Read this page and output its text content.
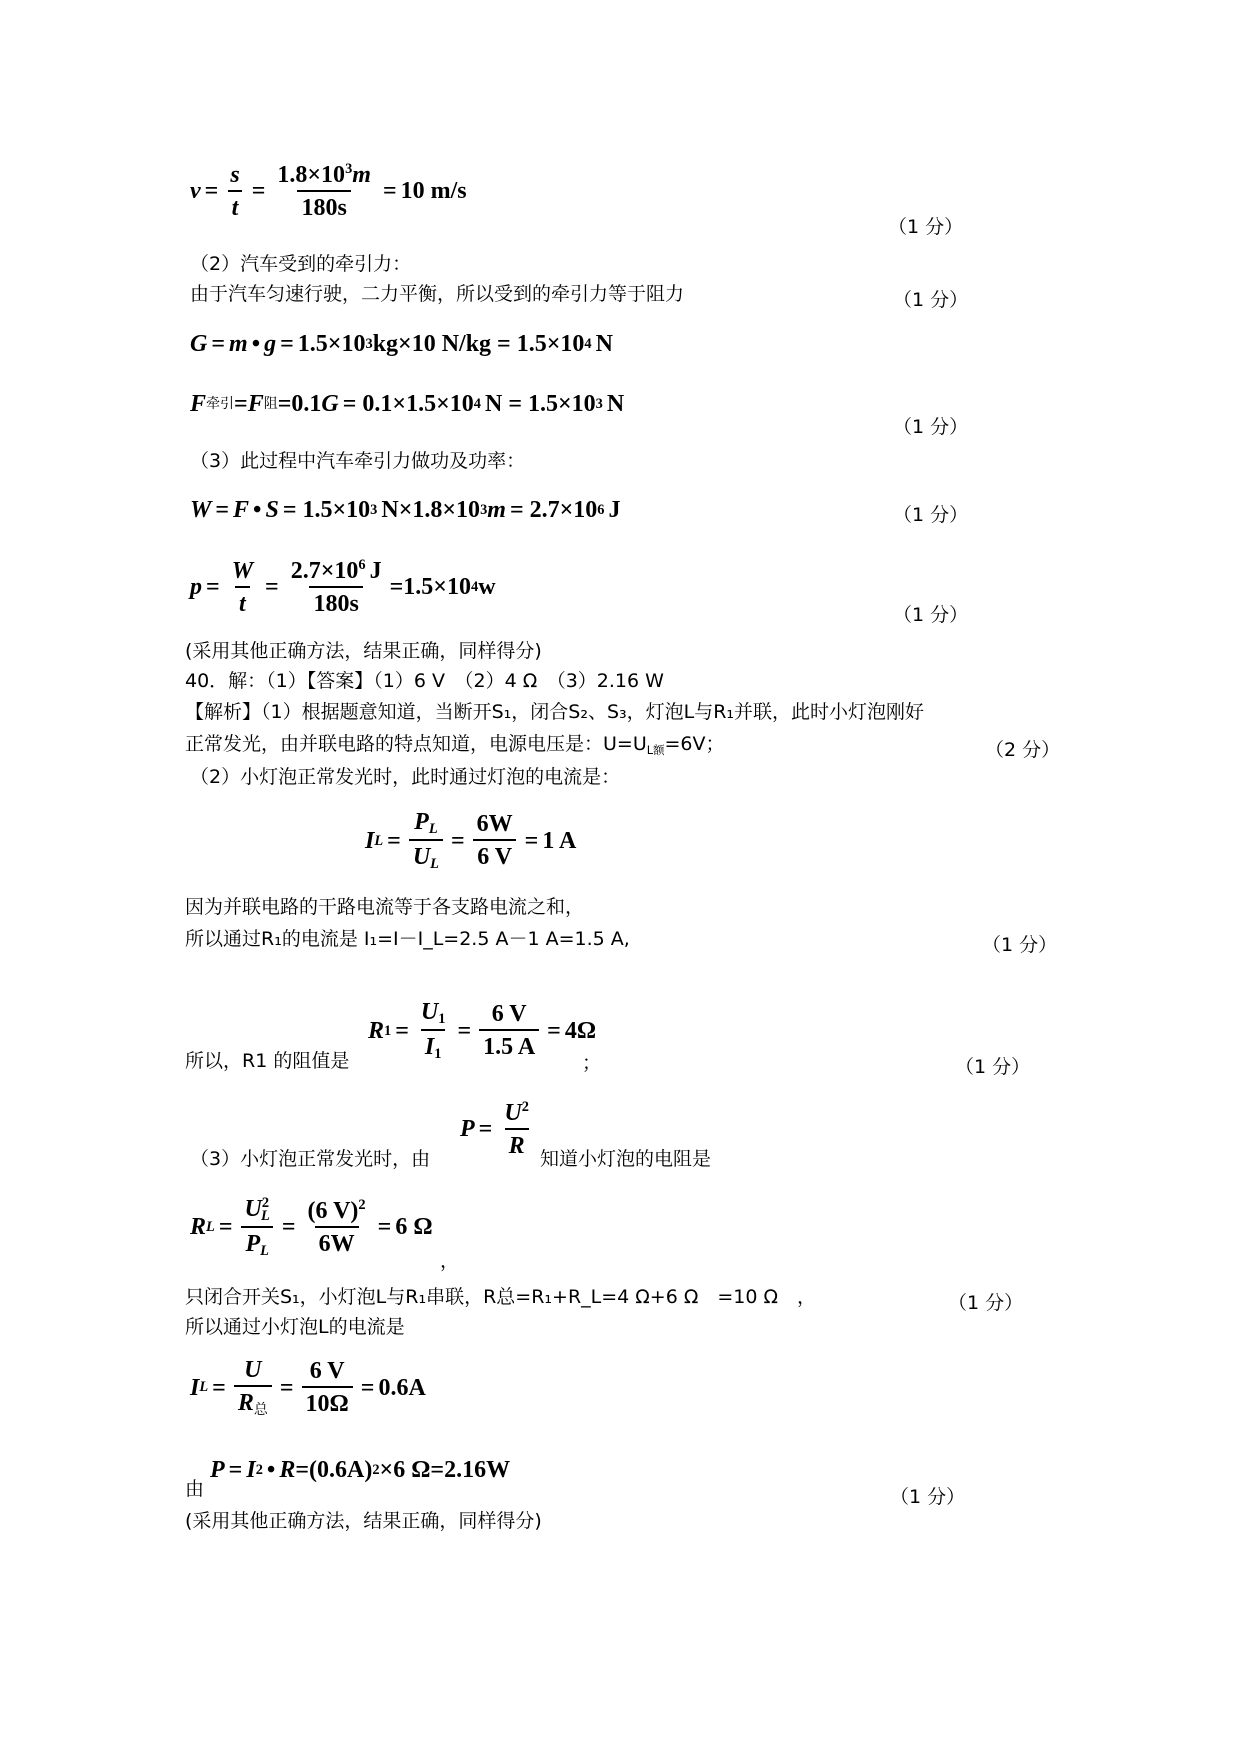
$v = \frac{s}{t} = \frac{1.8\times 10^3m}{180s} = 10$ m/s
（1 分）
（2）汽车受到的牵引力：
由于汽车匀速行驶，二力平衡，所以受到的牵引力等于阻力	（1 分）
G = m • g = 1.5×10 3 kg×10 N/kg = 1.5×10 4 N
F 牵引 = F 阻 =0.1 G = 0.1×1.5×10 4 N = 1.5×10 3 N
（1 分）
（3）此过程中汽车牵引力做功及功率：
W = F • S = 1.5×10 3 N×1.8×10 3 m = 2.7×10 6 J	（1 分）
$p = \frac{W}{t} = \frac{2.7\times 10^6 J}{180s} = 1.5\times 10$ 4 w
（1 分）
(采用其他正确方法，结果正确，同样得分)
40．解：（1）【答案】（1）6 V　（2）4 Ω　（3）2.16 W
【解析】（1）根据题意知道，当断开S₁，闭合S₂、S₃，灯泡L与R₁并联，此时小灯泡刚好
正常发光，由并联电路的特点知道，电源电压是：$U=U_{L额}=6V$；	（2 分）
（2）小灯泡正常发光时，此时通过灯泡的电流是：
I $L = \frac{P_L}{U_L} = \frac{6W}{6 V} = 1$ A
因为并联电路的干路电流等于各支路电流之和，
所以通过R₁的电流是 I₁=I－I_L=2.5 A－1 A=1.5 A,	（1 分）
R $1 = \frac{U_1}{I_1} = \frac{6 V}{1.5 A} = 4\Omega$
所以，R1 的阻值是	；	（1 分）
$P = \frac{U^2}{R}$
（3）小灯泡正常发光时，由	知道小灯泡的电阻是
R $L = \frac{U^2_L}{P_L} = \frac{(6 V)^2}{6W} = 6$ Ω
，
只闭合开关S₁，小灯泡L与R₁串联，R总=R₁+R_L=4 Ω+6 Ω　=10 Ω　，	（1 分）
所以通过小灯泡L的电流是
I $L = \frac{U}{R_总} = \frac{6 V}{10\Omega} = 0.6A$
由
P = I 2 • R =(0.6A) 2 ×6 Ω=2.16W
（1 分）
(采用其他正确方法，结果正确，同样得分)
